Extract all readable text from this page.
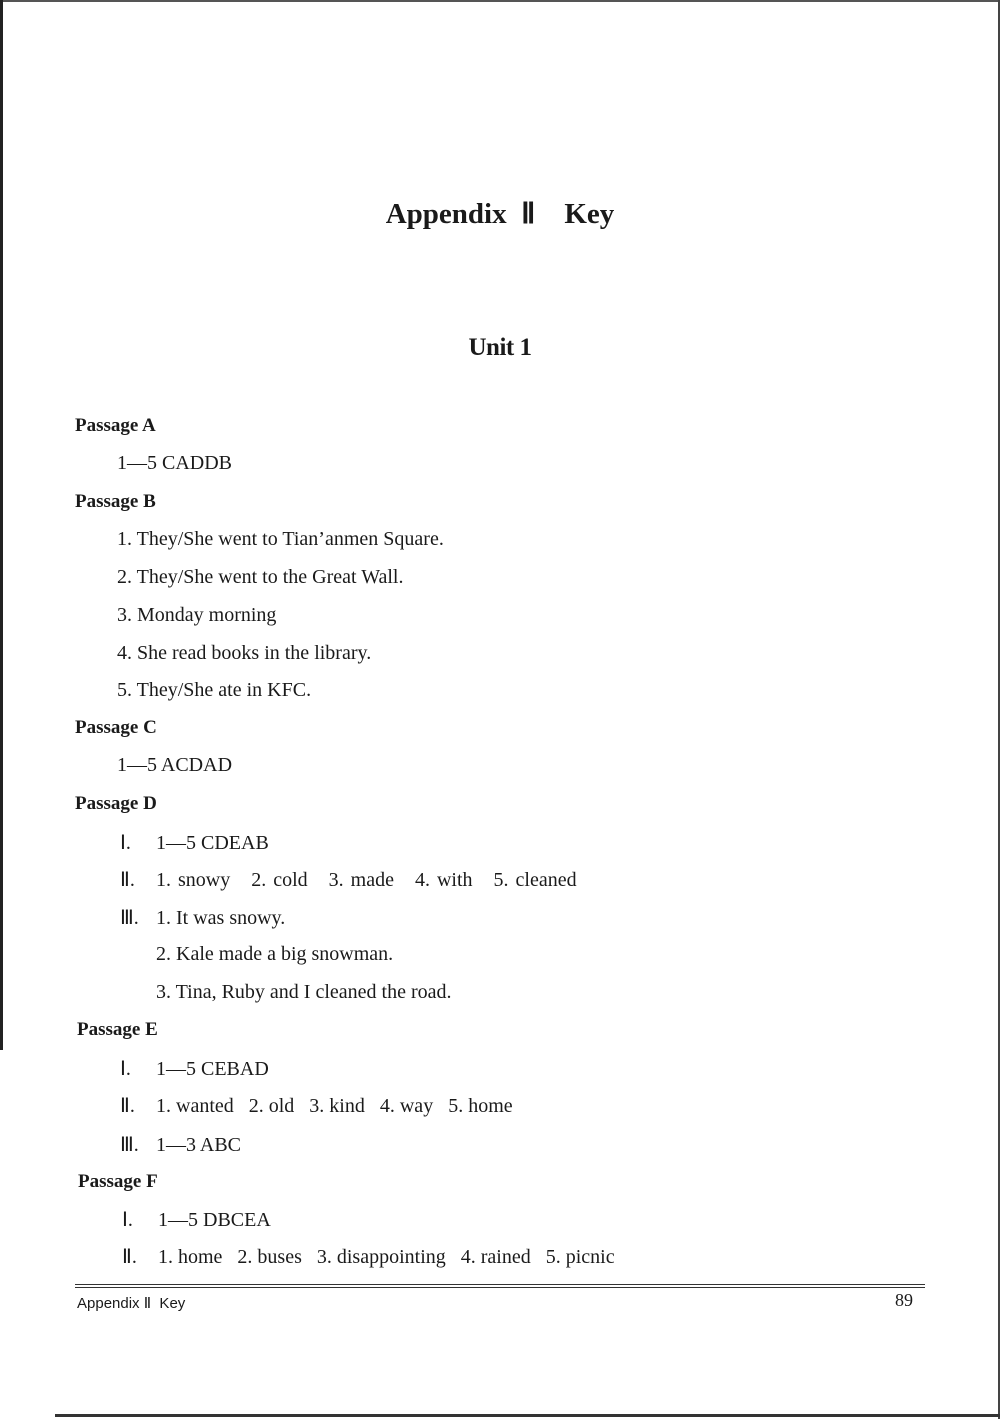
Appendix Ⅱ Key
Unit 1
Passage A
1—5 CADDB
Passage B
1. They/She went to Tian’anmen Square.
2. They/She went to the Great Wall.
3. Monday morning
4. She read books in the library.
5. They/She ate in KFC.
Passage C
1—5 ACDAD
Passage D
Ⅰ. 1—5 CDEAB
Ⅱ. 1. snowy   2. cold   3. made   4. with   5. cleaned
Ⅲ. 1. It was snowy.
2. Kale made a big snowman.
3. Tina, Ruby and I cleaned the road.
Passage E
Ⅰ. 1—5 CEBAD
Ⅱ. 1. wanted   2. old   3. kind   4. way   5. home
Ⅲ. 1—3 ABC
Passage F
Ⅰ. 1—5 DBCEA
Ⅱ. 1. home   2. buses   3. disappointing   4. rained   5. picnic
Appendix Ⅱ  Key	89
